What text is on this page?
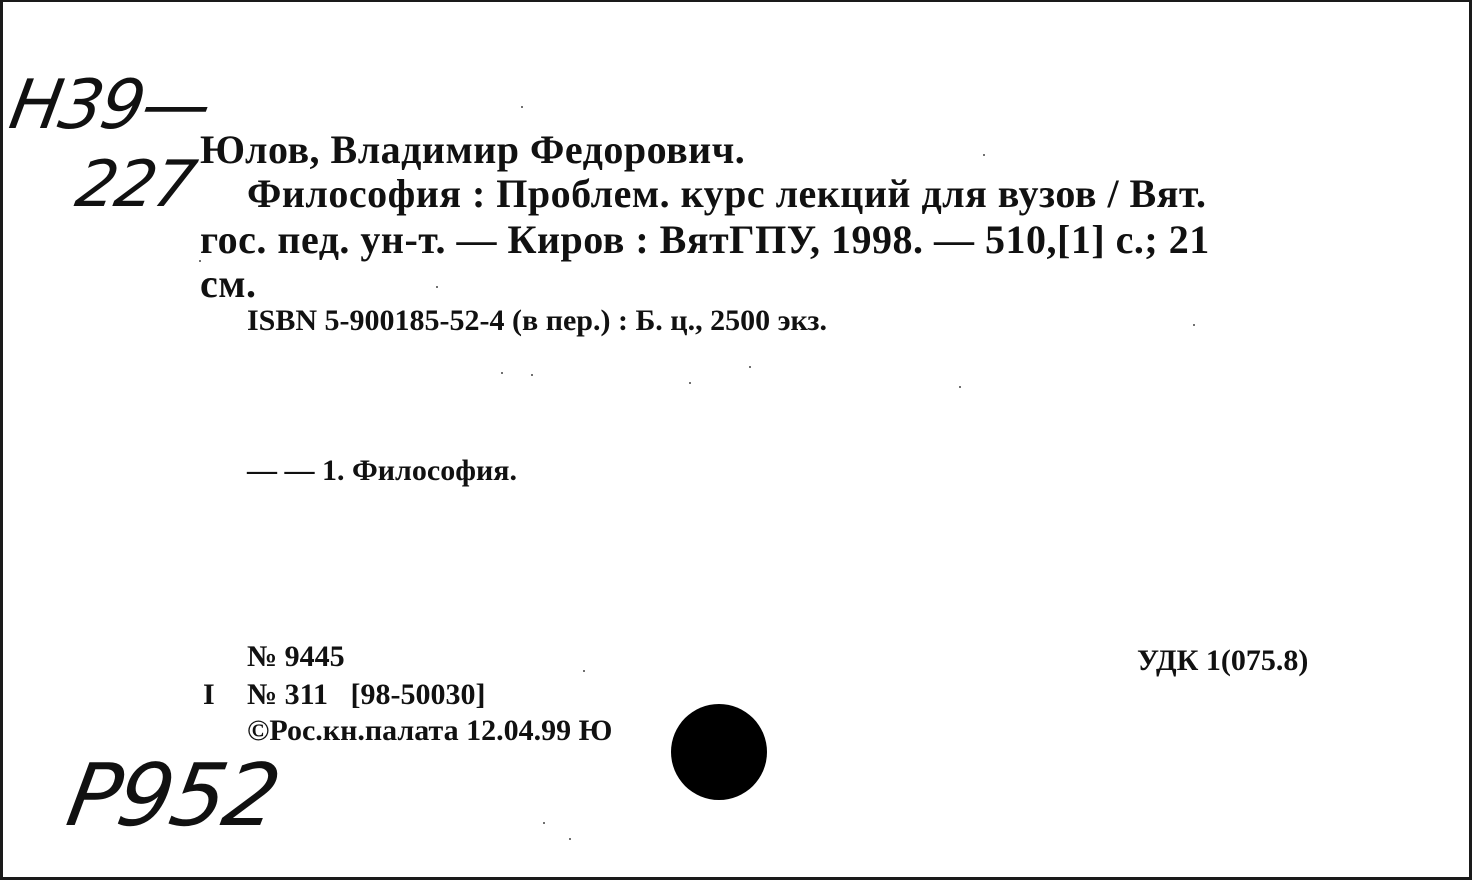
Н39—
227 Юлов, Владимир Федорович.
Философия : Проблем. курс лекций для вузов / Вят.
гос. пед. ун-т. — Киров : ВятГПУ, 1998. — 510,[1] с.; 21
см.
ISBN 5-900185-52-4 (в пер.) : Б. ц., 2500 экз.
— — 1. Философия.
№ 9445	УДК 1(075.8)
I № 311   [98-50030]
©Рос.кн.палата 12.04.99 Ю
Р952
